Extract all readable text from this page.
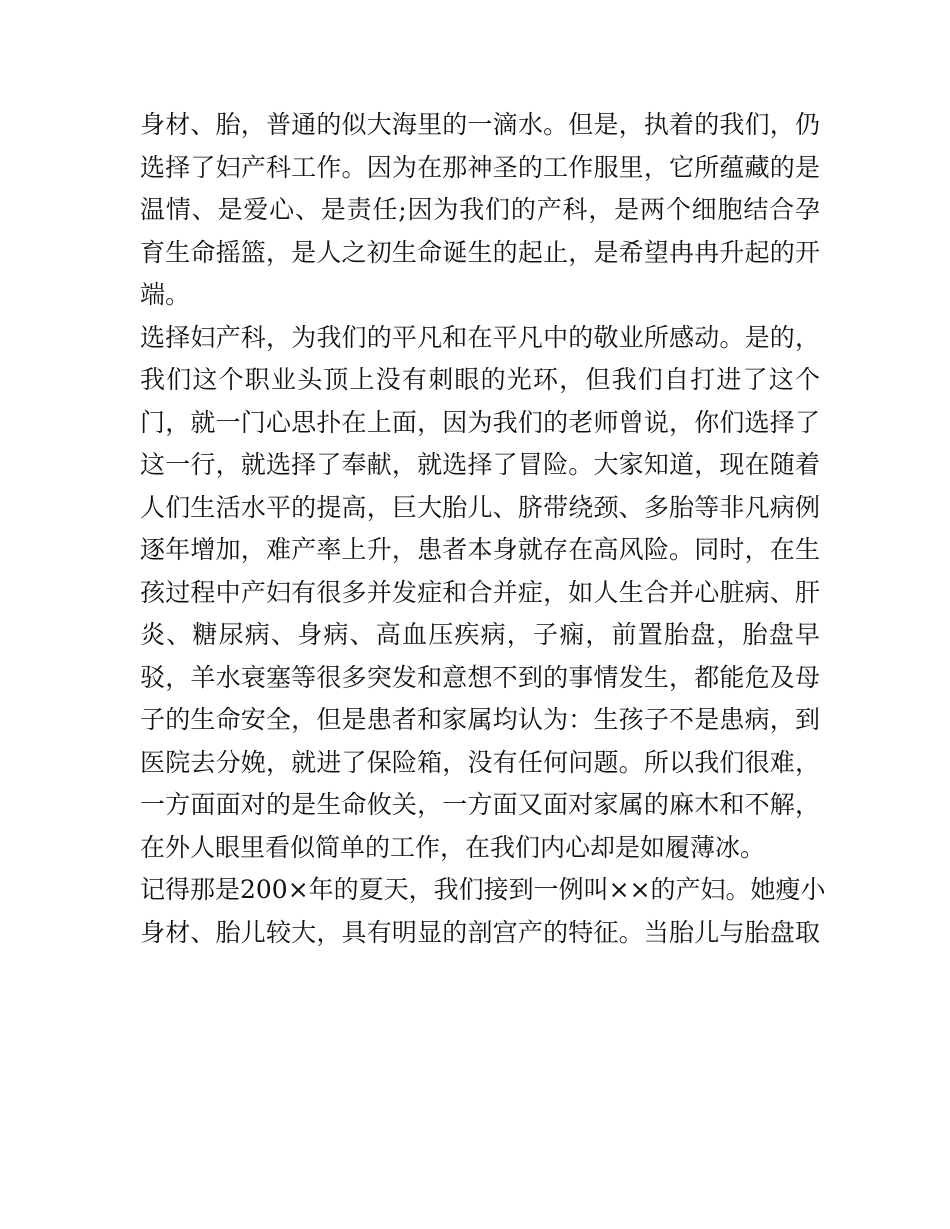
身材、胎，普通的似大海里的一滴水。但是，执着的我们，仍
选择了妇产科工作。因为在那神圣的工作服里，它所蕴藏的是
温情、是爱心、是责任;因为我们的产科，是两个细胞结合孕
育生命摇篮，是人之初生命诞生的起止，是希望冉冉升起的开
端。
选择妇产科，为我们的平凡和在平凡中的敬业所感动。是的，
我们这个职业头顶上没有刺眼的光环，但我们自打进了这个
门，就一门心思扑在上面，因为我们的老师曾说，你们选择了
这一行，就选择了奉献，就选择了冒险。大家知道，现在随着
人们生活水平的提高，巨大胎儿、脐带绕颈、多胎等非凡病例
逐年增加，难产率上升，患者本身就存在高风险。同时，在生
孩过程中产妇有很多并发症和合并症，如人生合并心脏病、肝
炎、糖尿病、身病、高血压疾病，子痫，前置胎盘，胎盘早
驳，羊水衰塞等很多突发和意想不到的事情发生，都能危及母
子的生命安全，但是患者和家属均认为：生孩子不是患病，到
医院去分娩，就进了保险箱，没有任何问题。所以我们很难，
一方面面对的是生命攸关，一方面又面对家属的麻木和不解，
在外人眼里看似简单的工作，在我们内心却是如履薄冰。
记得那是200×年的夏天，我们接到一例叫××的产妇。她瘦小
身材、胎儿较大，具有明显的剖宫产的特征。当胎儿与胎盘取
